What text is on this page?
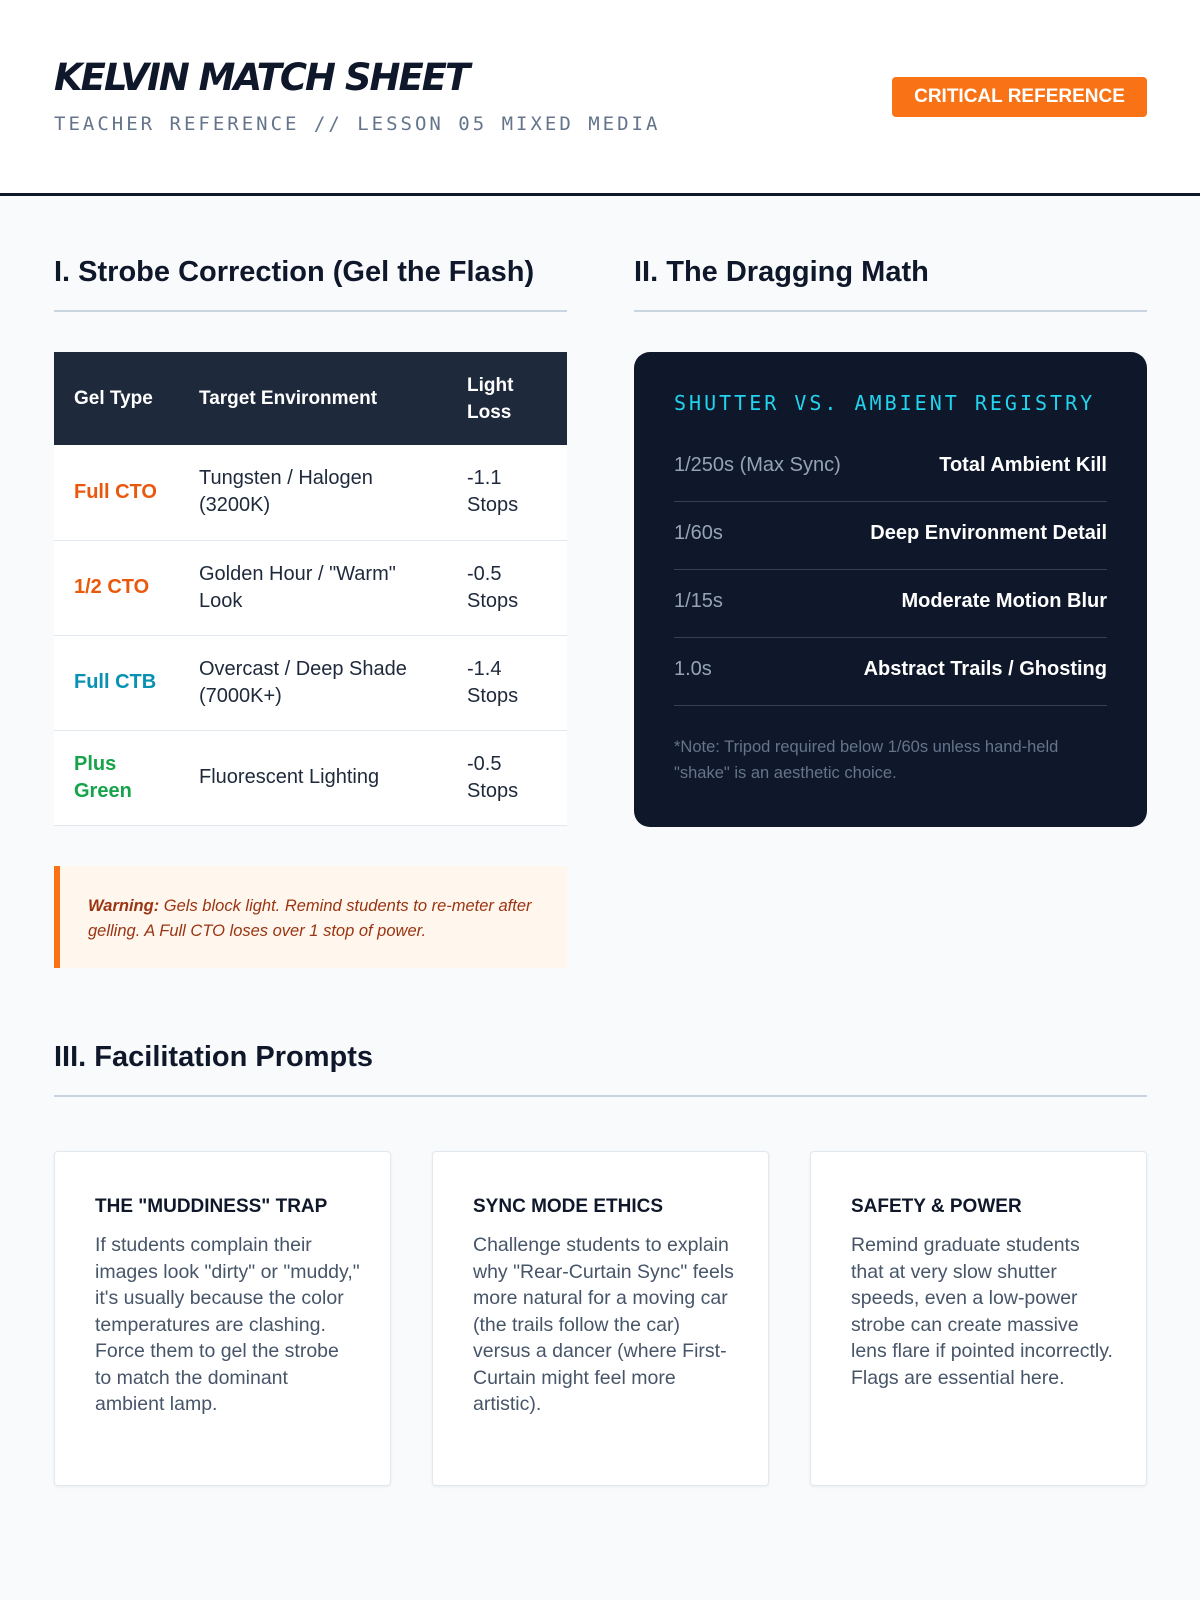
KELVIN MATCH SHEET
TEACHER REFERENCE // LESSON 05 MIXED MEDIA
CRITICAL REFERENCE
I. Strobe Correction (Gel the Flash)
Gel Type	Target Environment	Light Loss
Full CTO	Tungsten / Halogen (3200K)	-1.1 Stops
1/2 CTO	Golden Hour / "Warm" Look	-0.5 Stops
Full CTB	Overcast / Deep Shade (7000K+)	-1.4 Stops
Plus Green	Fluorescent Lighting	-0.5 Stops
Warning: Gels block light. Remind students to re-meter after gelling. A Full CTO loses over 1 stop of power.
II. The Dragging Math
SHUTTER VS. AMBIENT REGISTRY
1/250s (Max Sync)	Total Ambient Kill
1/60s	Deep Environment Detail
1/15s	Moderate Motion Blur
1.0s	Abstract Trails / Ghosting
*Note: Tripod required below 1/60s unless hand-held "shake" is an aesthetic choice.
III. Facilitation Prompts
THE "MUDDINESS" TRAP
If students complain their images look "dirty" or "muddy," it's usually because the color temperatures are clashing. Force them to gel the strobe to match the dominant ambient lamp.
SYNC MODE ETHICS
Challenge students to explain why "Rear-Curtain Sync" feels more natural for a moving car (the trails follow the car) versus a dancer (where First-Curtain might feel more artistic).
SAFETY & POWER
Remind graduate students that at very slow shutter speeds, even a low-power strobe can create massive lens flare if pointed incorrectly. Flags are essential here.
